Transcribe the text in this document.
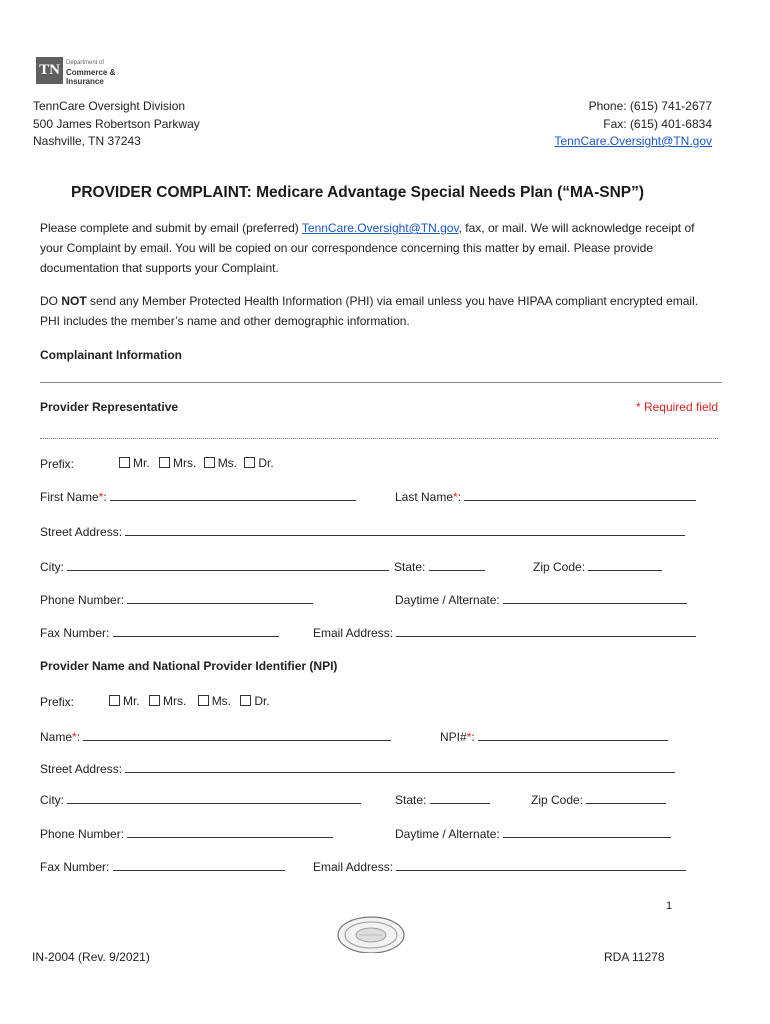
TN	Department of
Commerce &
Insurance
TennCare Oversight Division
500 James Robertson Parkway
Nashville, TN 37243
Phone: (615) 741-2677
Fax: (615) 401-6834
TennCare.Oversight@TN.gov
PROVIDER COMPLAINT: Medicare Advantage Special Needs Plan (“MA-SNP”)
Please complete and submit by email (preferred) TennCare.Oversight@TN.gov, fax, or mail. We will acknowledge receipt of your Complaint by email. You will be copied on our correspondence concerning this matter by email. Please provide documentation that supports your Complaint.
DO NOT send any Member Protected Health Information (PHI) via email unless you have HIPAA compliant encrypted email. PHI includes the member’s name and other demographic information.
Complainant Information
Provider Representative	* Required field
Prefix:	Mr. Mrs. Ms. Dr.
First Name*:	Last Name*:
Street Address:
City:	State:	Zip Code:
Phone Number:	Daytime / Alternate:
Fax Number:	Email Address:
Provider Name and National Provider Identifier (NPI)
Prefix:	Mr. Mrs. Ms. Dr.
Name*:	NPI#*:
Street Address:
City:	State:	Zip Code:
Phone Number:	Daytime / Alternate:
Fax Number:	Email Address:
1
IN-2004 (Rev. 9/2021)	RDA 11278
